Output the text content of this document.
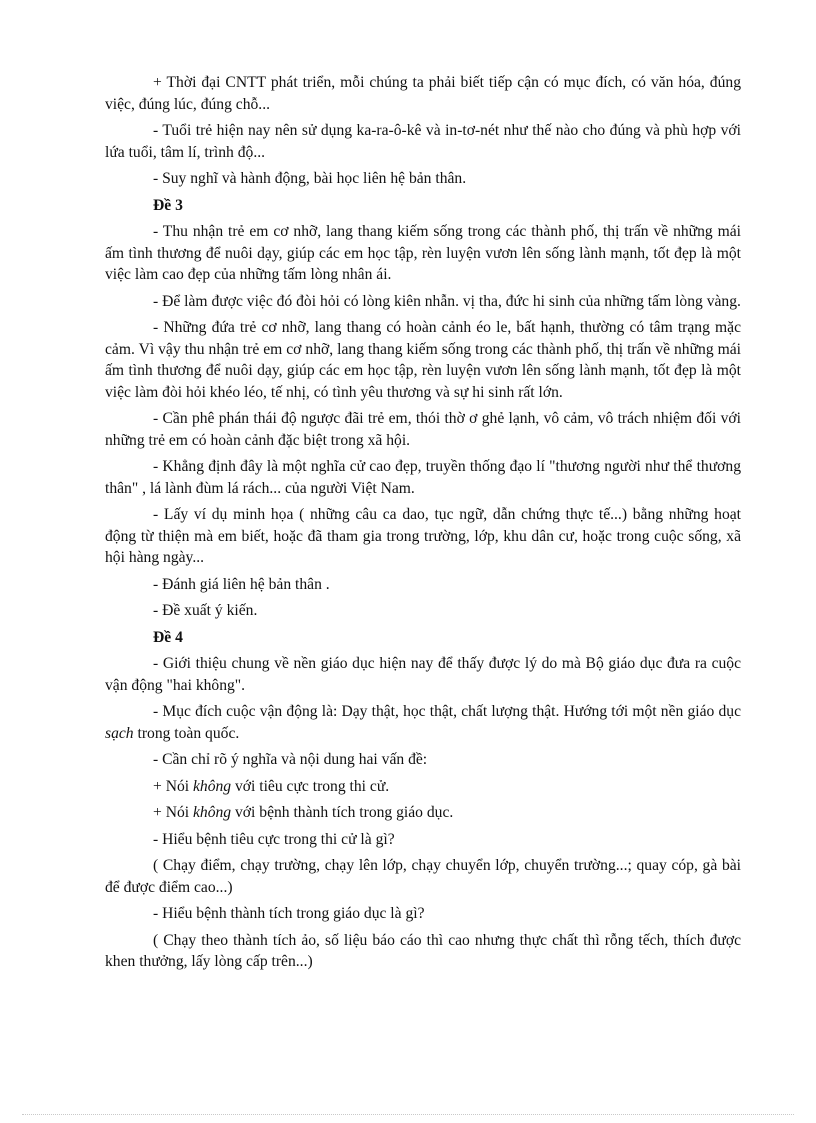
+ Thời đại CNTT phát triển, mỗi chúng ta phải biết tiếp cận có mục đích, có văn hóa, đúng việc, đúng lúc, đúng chỗ...

- Tuổi trẻ hiện nay nên sử dụng ka-ra-ô-kê và in-tơ-nét như thế nào cho đúng và phù hợp với lứa tuổi, tâm lí, trình độ...

- Suy nghĩ và hành động, bài học liên hệ bản thân.

Đề 3

- Thu nhận trẻ em cơ nhỡ, lang thang kiếm sống trong các thành phố, thị trấn về những mái ấm tình thương để nuôi dạy, giúp các em học tập, rèn luyện vươn lên sống lành mạnh, tốt đẹp là một việc làm cao đẹp của những tấm lòng nhân ái.

- Để làm được việc đó đòi hỏi có lòng kiên nhẫn. vị tha, đức hi sinh của những tấm lòng vàng.

- Những đứa trẻ cơ nhỡ, lang thang có hoàn cảnh éo le, bất hạnh, thường có tâm trạng mặc cảm. Vì vậy thu nhận trẻ em cơ nhỡ, lang thang kiếm sống trong các thành phố, thị trấn về những mái ấm tình thương để nuôi dạy, giúp các em học tập, rèn luyện vươn lên sống lành mạnh, tốt đẹp là một việc làm đòi hỏi khéo léo, tế nhị, có tình yêu thương và sự hi sinh rất lớn.

- Cần phê phán thái độ ngược đãi trẻ em, thói thờ ơ ghẻ lạnh, vô cảm, vô trách nhiệm đối với những trẻ em có hoàn cảnh đặc biệt trong xã hội.

- Khẳng định đây là một nghĩa cử cao đẹp, truyền thống đạo lí "thương người như thể thương thân" , lá lành đùm lá rách... của người Việt Nam.

- Lấy ví dụ minh họa ( những câu ca dao, tục ngữ, dẫn chứng thực tế...) bằng những hoạt động từ thiện mà em biết, hoặc đã tham gia trong trường, lớp, khu dân cư, hoặc trong cuộc sống, xã hội hàng ngày...

- Đánh giá liên hệ bản thân .

- Đề xuất ý kiến.

Đề 4

- Giới thiệu chung về nền giáo dục hiện nay để thấy được lý do mà Bộ giáo dục đưa ra cuộc vận động "hai không".

- Mục đích cuộc vận động là: Dạy thật, học thật, chất lượng thật. Hướng tới một nền giáo dục sạch trong toàn quốc.

- Cần chỉ rõ ý nghĩa và nội dung hai vấn đề:

+ Nói không với tiêu cực trong thi cử.

+ Nói không với bệnh thành tích trong giáo dục.

- Hiểu bệnh tiêu cực trong thi cử là gì?

( Chạy điểm, chạy trường, chạy lên lớp, chạy chuyển lớp, chuyển trường...; quay cóp, gà bài để được điểm cao...)

- Hiểu bệnh thành tích trong giáo dục là gì?

( Chạy theo thành tích ảo, số liệu báo cáo thì cao nhưng thực chất thì rỗng tếch, thích được khen thưởng, lấy lòng cấp trên...)
